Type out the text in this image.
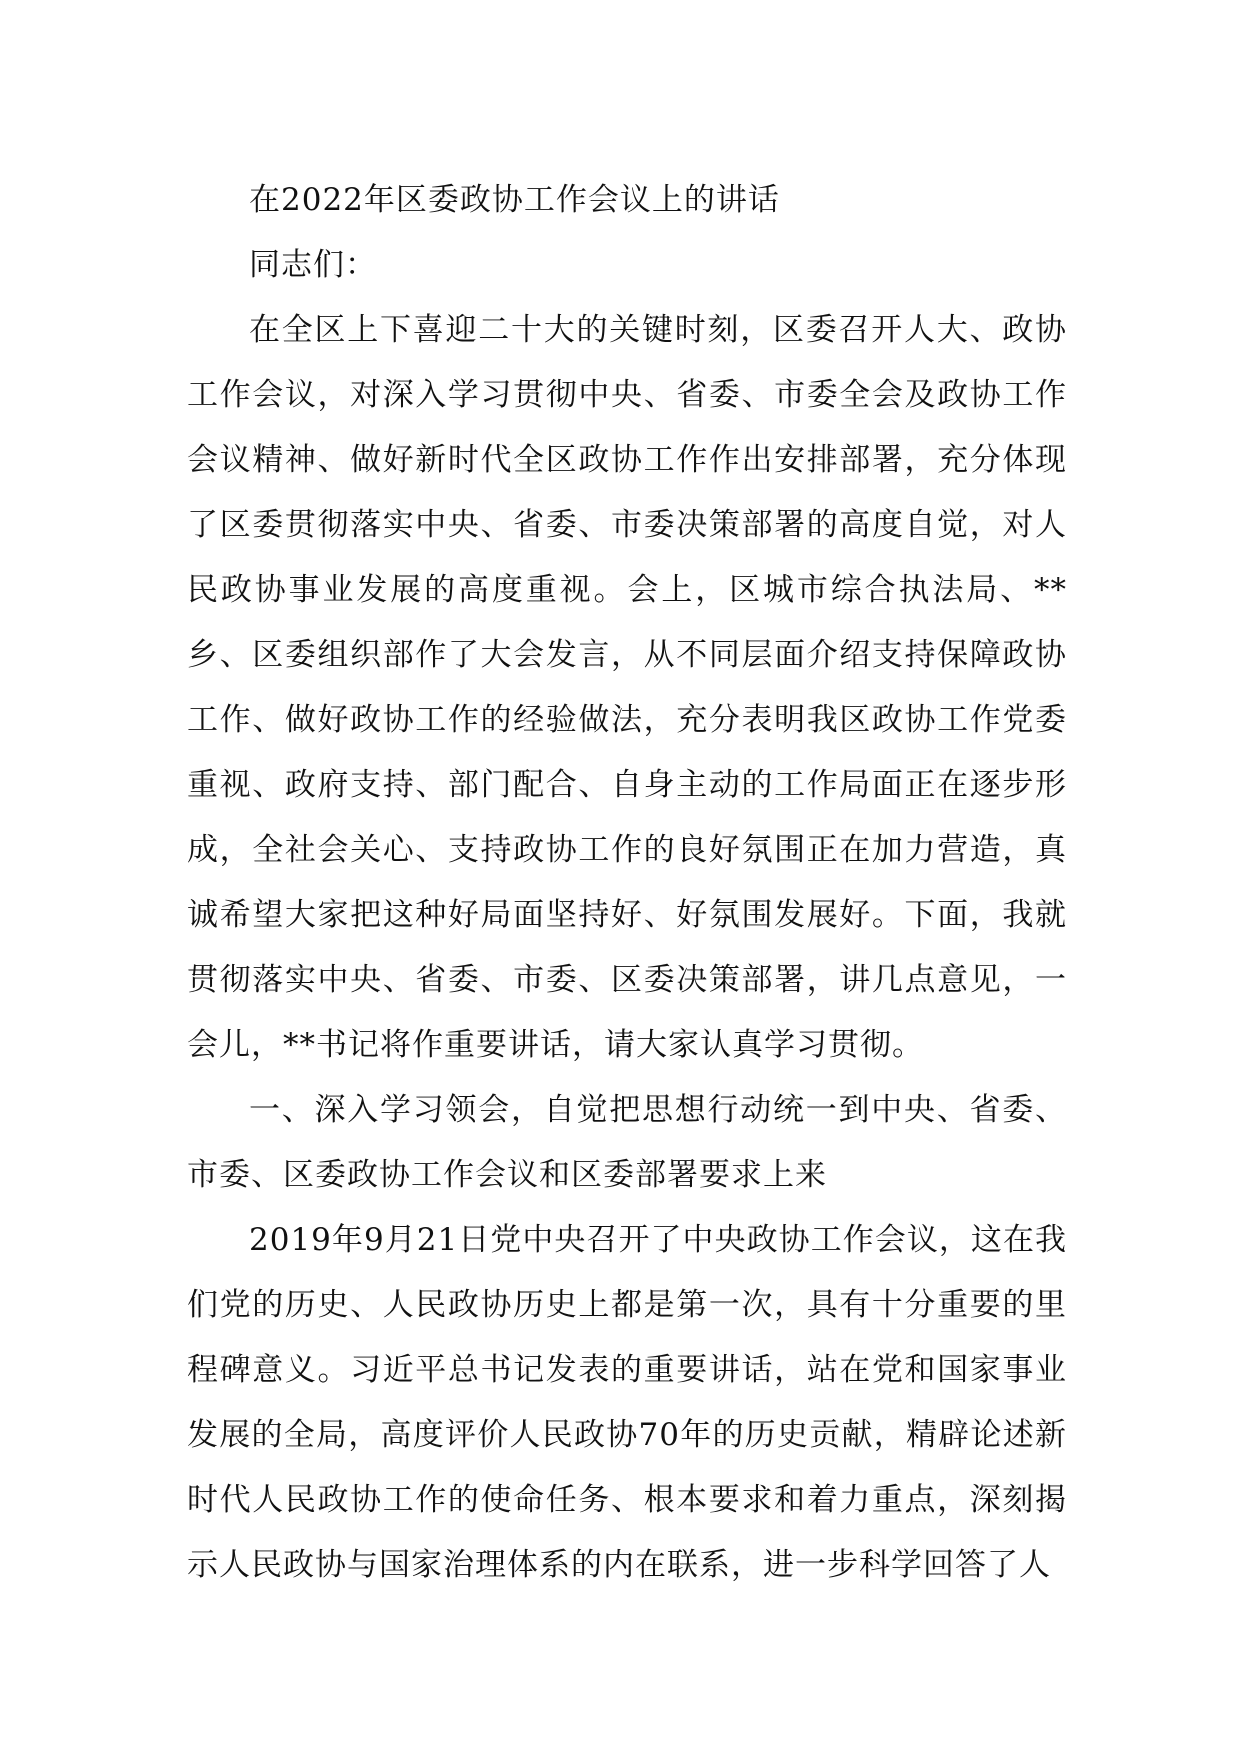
在2022年区委政协工作会议上的讲话

同志们：

在全区上下喜迎二十大的关键时刻，区委召开人大、政协工作会议，对深入学习贯彻中央、省委、市委全会及政协工作会议精神、做好新时代全区政协工作作出安排部署，充分体现了区委贯彻落实中央、省委、市委决策部署的高度自觉，对人民政协事业发展的高度重视。会上，区城市综合执法局、**乡、区委组织部作了大会发言，从不同层面介绍支持保障政协工作、做好政协工作的经验做法，充分表明我区政协工作党委重视、政府支持、部门配合、自身主动的工作局面正在逐步形成，全社会关心、支持政协工作的良好氛围正在加力营造，真诚希望大家把这种好局面坚持好、好氛围发展好。下面，我就贯彻落实中央、省委、市委、区委决策部署，讲几点意见，一会儿，**书记将作重要讲话，请大家认真学习贯彻。

一、深入学习领会，自觉把思想行动统一到中央、省委、市委、区委政协工作会议和区委部署要求上来

2019年9月21日党中央召开了中央政协工作会议，这在我们党的历史、人民政协历史上都是第一次，具有十分重要的里程碑意义。习近平总书记发表的重要讲话，站在党和国家事业发展的全局，高度评价人民政协70年的历史贡献，精辟论述新时代人民政协工作的使命任务、根本要求和着力重点，深刻揭示人民政协与国家治理体系的内在联系，进一步科学回答了人
